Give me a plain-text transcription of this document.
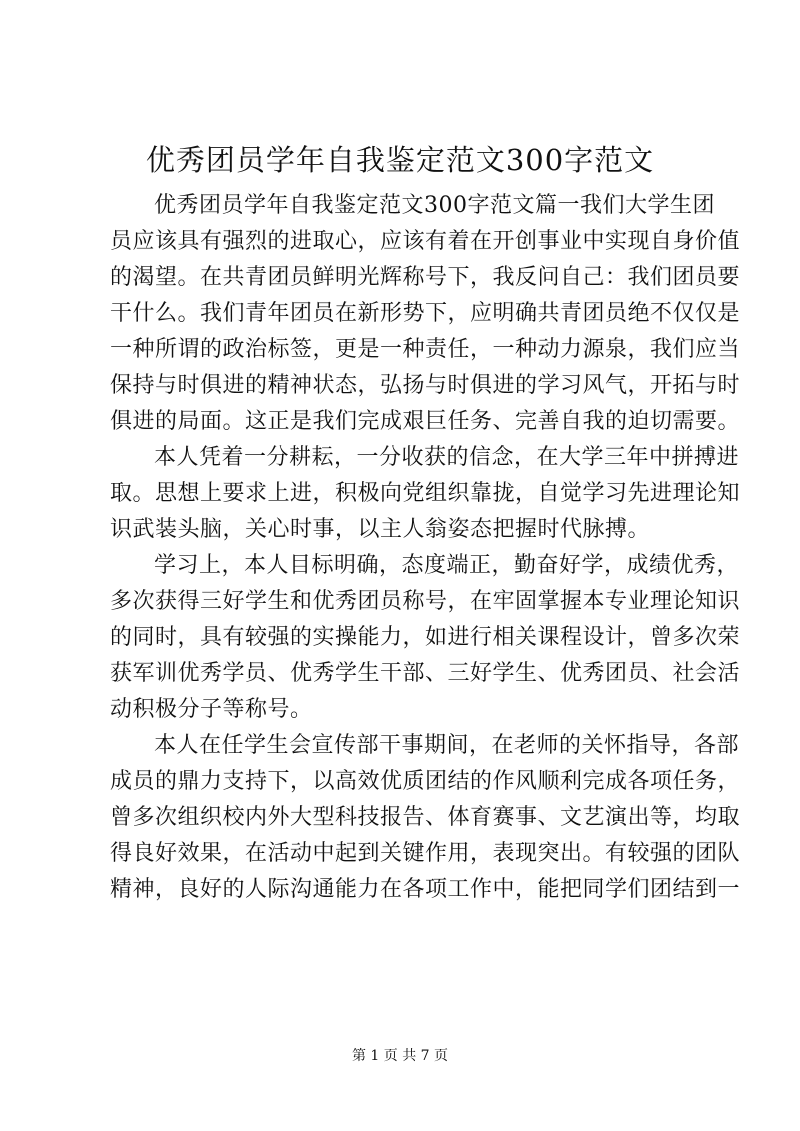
优秀团员学年自我鉴定范文300字范文
优秀团员学年自我鉴定范文300字范文篇一我们大学生团
员应该具有强烈的进取心，应该有着在开创事业中实现自身价值
的渴望。在共青团员鲜明光辉称号下，我反问自己：我们团员要
干什么。我们青年团员在新形势下，应明确共青团员绝不仅仅是
一种所谓的政治标签，更是一种责任，一种动力源泉，我们应当
保持与时俱进的精神状态，弘扬与时俱进的学习风气，开拓与时
俱进的局面。这正是我们完成艰巨任务、完善自我的迫切需要。
本人凭着一分耕耘，一分收获的信念，在大学三年中拼搏进
取。思想上要求上进，积极向党组织靠拢，自觉学习先进理论知
识武装头脑，关心时事，以主人翁姿态把握时代脉搏。
学习上，本人目标明确，态度端正，勤奋好学，成绩优秀，
多次获得三好学生和优秀团员称号，在牢固掌握本专业理论知识
的同时，具有较强的实操能力，如进行相关课程设计，曾多次荣
获军训优秀学员、优秀学生干部、三好学生、优秀团员、社会活
动积极分子等称号。
本人在任学生会宣传部干事期间，在老师的关怀指导，各部
成员的鼎力支持下，以高效优质团结的作风顺利完成各项任务，
曾多次组织校内外大型科技报告、体育赛事、文艺演出等，均取
得良好效果，在活动中起到关键作用，表现突出。有较强的团队
精神，良好的人际沟通能力在各项工作中，能把同学们团结到一
第 1 页 共 7 页
